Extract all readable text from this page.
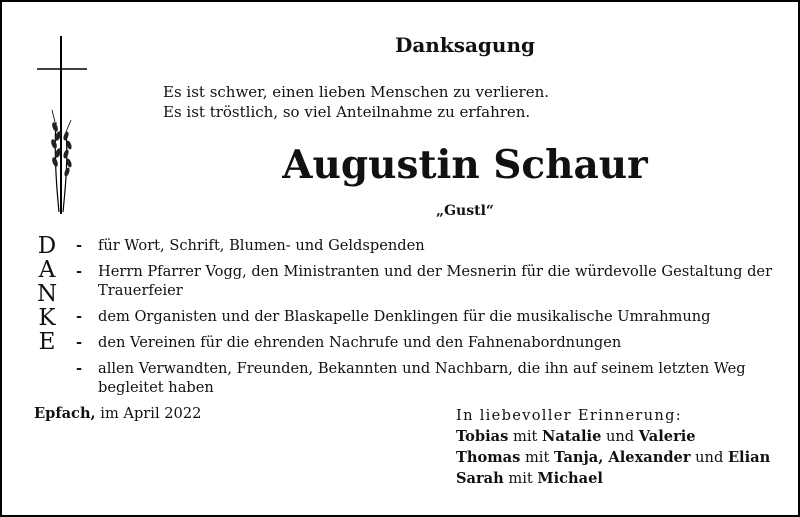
Danksagung
Es ist schwer, einen lieben Menschen zu verlieren.
Es ist tröstlich, so viel Anteilnahme zu erfahren.
Augustin Schaur
„Gustl“
D
A
N
K
E
- für Wort, Schrift, Blumen- und Geldspenden
- Herrn Pfarrer Vogg, den Ministranten und der Mesnerin für die würdevolle Gestaltung der Trauerfeier
- dem Organisten und der Blaskapelle Denklingen für die musikalische Umrahmung
- den Vereinen für die ehrenden Nachrufe und den Fahnenabordnungen
- allen Verwandten, Freunden, Bekannten und Nachbarn, die ihn auf seinem letzten Weg begleitet haben
Epfach, im April 2022	In liebevoller Erinnerung:
Tobias mit Natalie und Valerie
Thomas mit Tanja, Alexander und Elian
Sarah mit Michael
